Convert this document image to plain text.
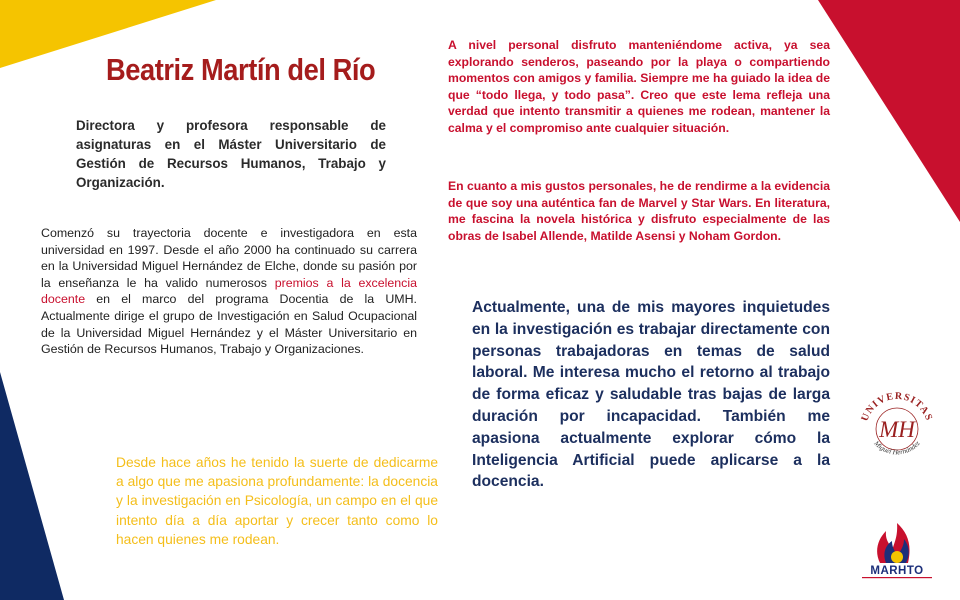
Beatriz Martín del Río

Directora y profesora responsable de asignaturas en el Máster Universitario de Gestión de Recursos Humanos, Trabajo y Organización.

Comenzó su trayectoria docente e investigadora en esta universidad en 1997. Desde el año 2000 ha continuado su carrera en la Universidad Miguel Hernández de Elche, donde su pasión por la enseñanza le ha valido numerosos premios a la excelencia docente en el marco del programa Docentia de la UMH. Actualmente dirige el grupo de Investigación en Salud Ocupacional de la Universidad Miguel Hernández y el Máster Universitario en Gestión de Recursos Humanos, Trabajo y Organizaciones.

A nivel personal disfruto manteniéndome activa, ya sea explorando senderos, paseando por la playa o compartiendo momentos con amigos y familia. Siempre me ha guiado la idea de que “todo llega, y todo pasa”. Creo que este lema refleja una verdad que intento transmitir a quienes me rodean, mantener la calma y el compromiso ante cualquier situación.

En cuanto a mis gustos personales, he de rendirme a la evidencia de que soy una auténtica fan de Marvel y Star Wars. En literatura, me fascina la novela histórica y disfruto especialmente de las obras de Isabel Allende, Matilde Asensi y Noham Gordon.

Actualmente, una de mis mayores inquietudes en la investigación es trabajar directamente con personas trabajadoras en temas de salud laboral. Me interesa mucho el retorno al trabajo de forma eficaz y saludable tras bajas de larga duración por incapacidad. También me apasiona actualmente explorar cómo la Inteligencia Artificial puede aplicarse a la docencia.

Desde hace años he tenido la suerte de dedicarme a algo que me apasiona profundamente: la docencia y la investigación en Psicología, un campo en el que intento día a día aportar y crecer tanto como lo hacen quienes me rodean.

UNIVERSITAS
Miguel Hernández
MH
MARHTO
